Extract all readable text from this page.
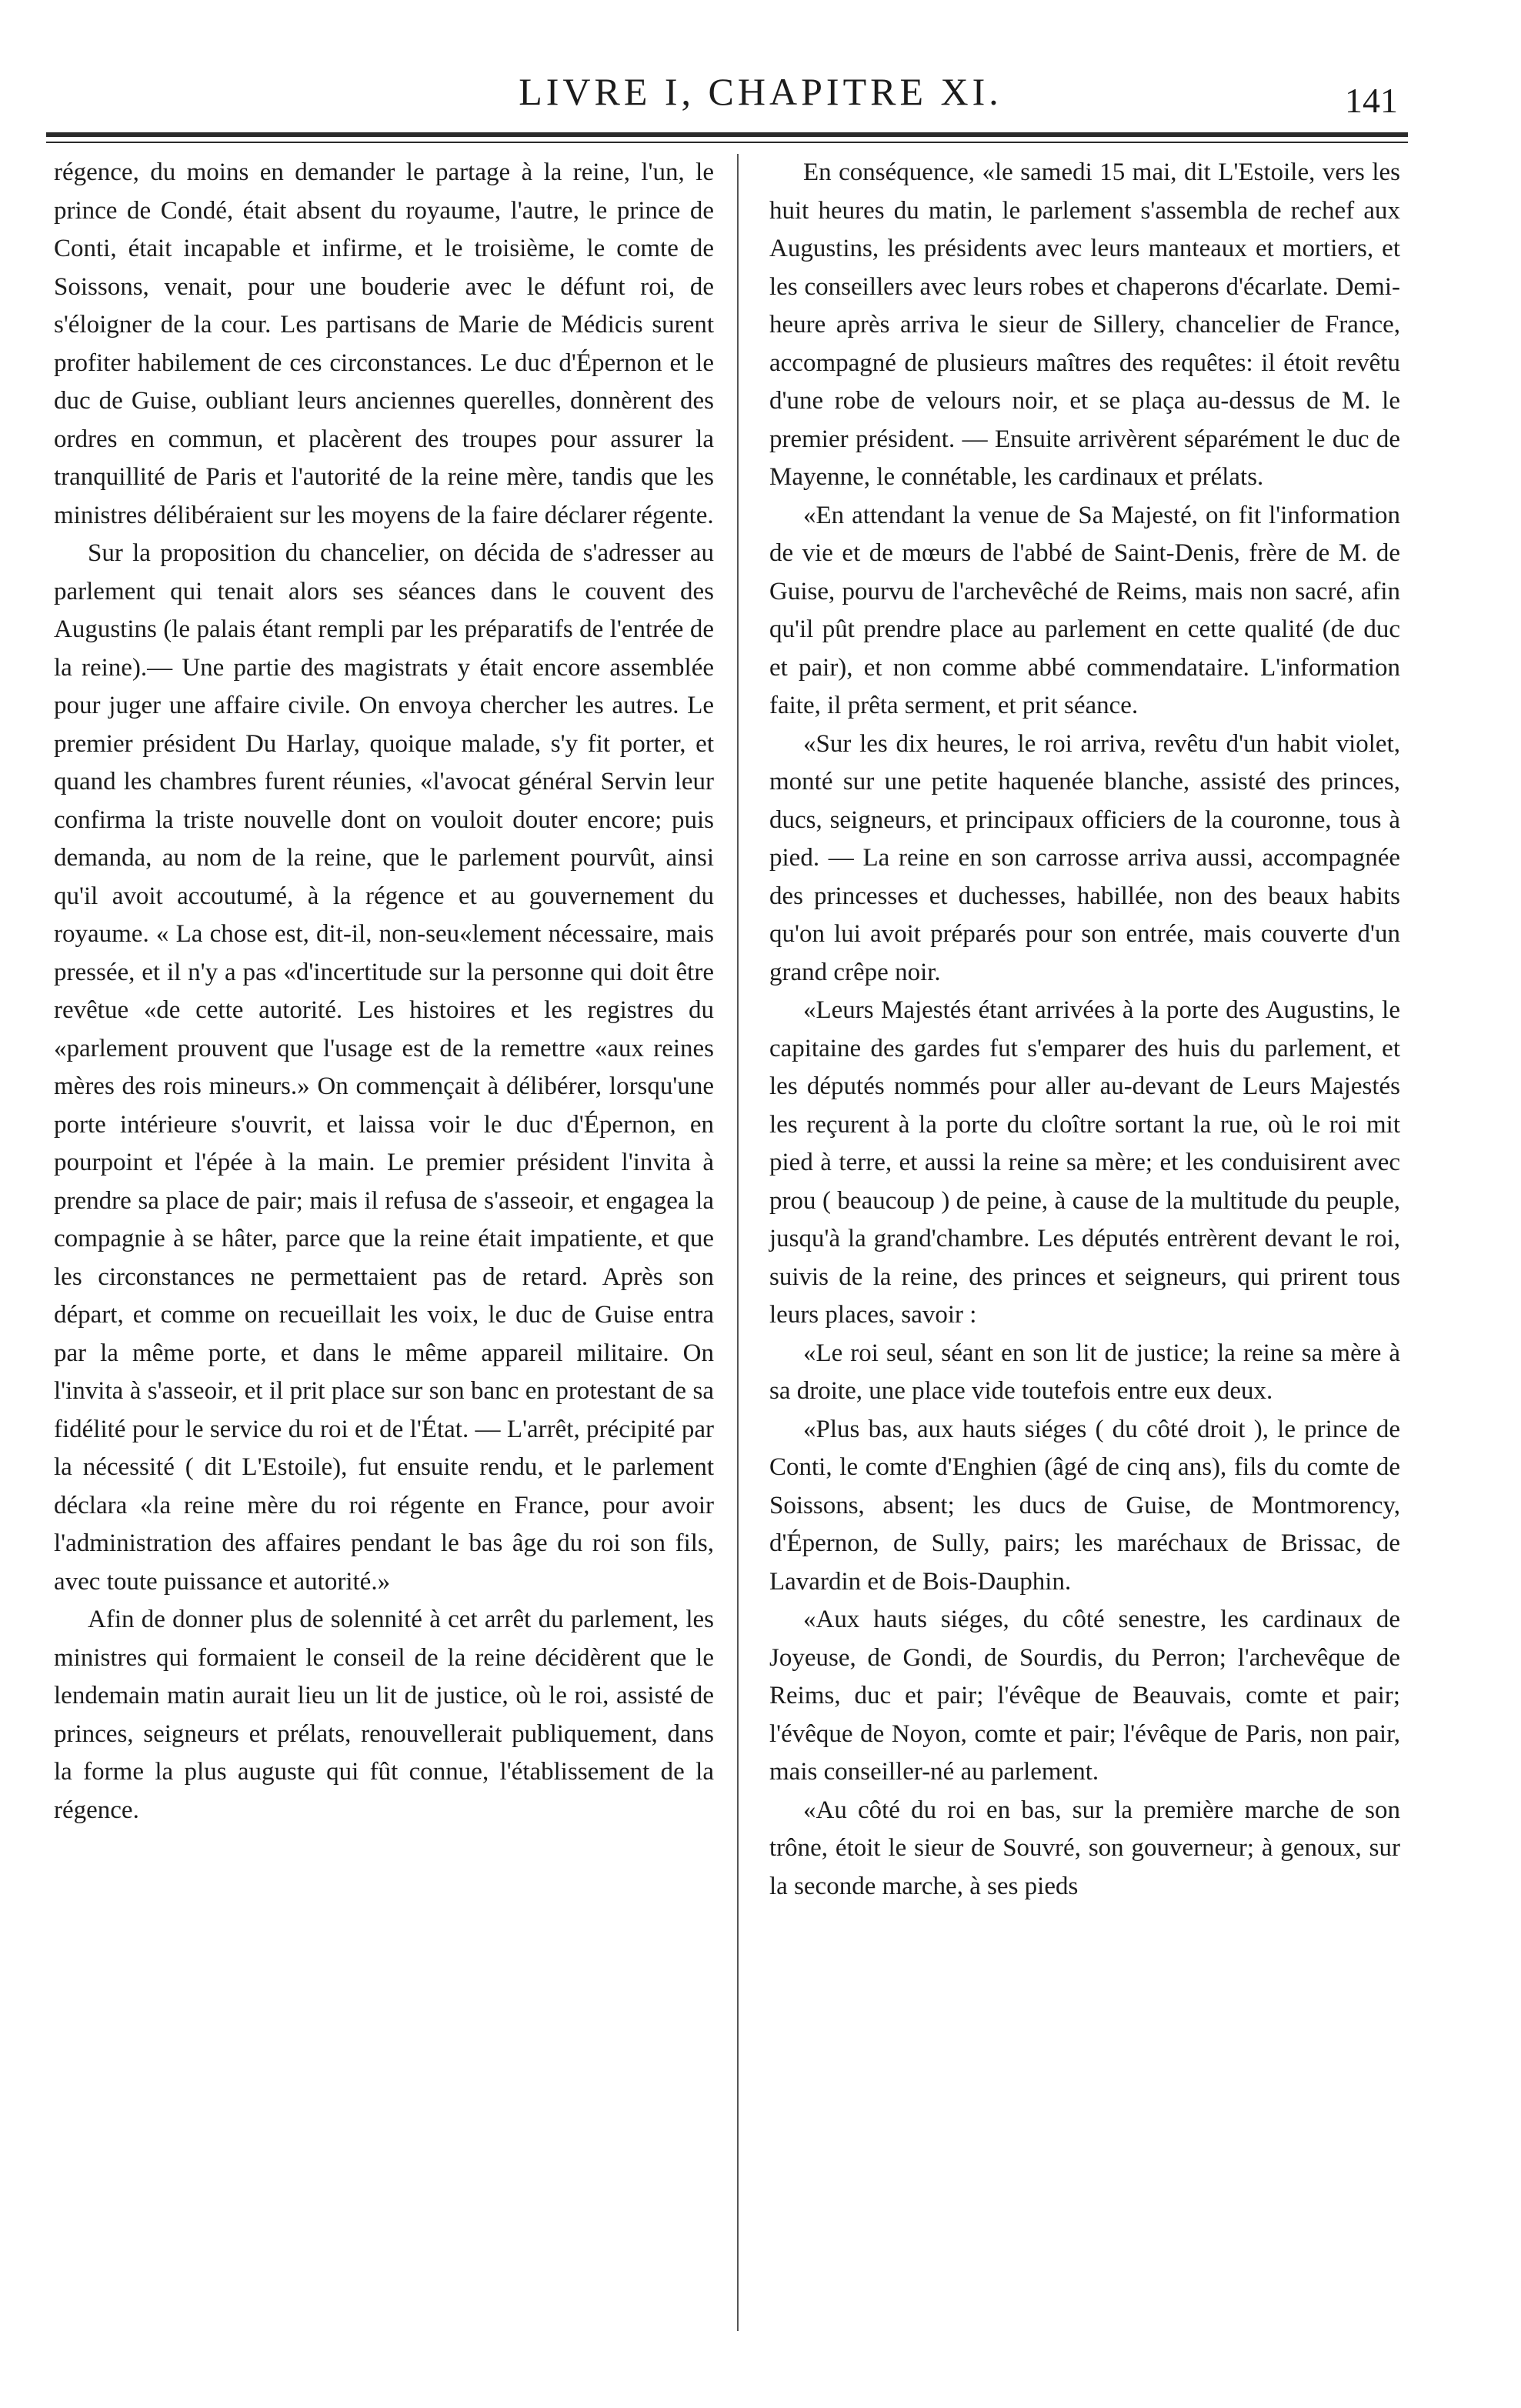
LIVRE I, CHAPITRE XI.	141

régence, du moins en demander le partage à la reine, l'un, le prince de Condé, était absent du royaume, l'autre, le prince de Conti, était incapable et infirme, et le troisième, le comte de Soissons, venait, pour une bouderie avec le défunt roi, de s'éloigner de la cour. Les partisans de Marie de Médicis surent profiter habilement de ces circonstances. Le duc d'Épernon et le duc de Guise, oubliant leurs anciennes querelles, donnèrent des ordres en commun, et placèrent des troupes pour assurer la tranquillité de Paris et l'autorité de la reine mère, tandis que les ministres délibéraient sur les moyens de la faire déclarer régente.

Sur la proposition du chancelier, on décida de s'adresser au parlement qui tenait alors ses séances dans le couvent des Augustins (le palais étant rempli par les préparatifs de l'entrée de la reine).— Une partie des magistrats y était encore assemblée pour juger une affaire civile. On envoya chercher les autres. Le premier président Du Harlay, quoique malade, s'y fit porter, et quand les chambres furent réunies, «l'avocat général Servin leur confirma la triste nouvelle dont on vouloit douter encore; puis demanda, au nom de la reine, que le parlement pourvût, ainsi qu'il avoit accoutumé, à la régence et au gouvernement du royaume. « La chose est, dit-il, non-seu«lement nécessaire, mais pressée, et il n'y a pas «d'incertitude sur la personne qui doit être revêtue «de cette autorité. Les histoires et les registres du «parlement prouvent que l'usage est de la remettre «aux reines mères des rois mineurs.» On commençait à délibérer, lorsqu'une porte intérieure s'ouvrit, et laissa voir le duc d'Épernon, en pourpoint et l'épée à la main. Le premier président l'invita à prendre sa place de pair; mais il refusa de s'asseoir, et engagea la compagnie à se hâter, parce que la reine était impatiente, et que les circonstances ne permettaient pas de retard. Après son départ, et comme on recueillait les voix, le duc de Guise entra par la même porte, et dans le même appareil militaire. On l'invita à s'asseoir, et il prit place sur son banc en protestant de sa fidélité pour le service du roi et de l'État. — L'arrêt, précipité par la nécessité ( dit L'Estoile), fut ensuite rendu, et le parlement déclara «la reine mère du roi régente en France, pour avoir l'administration des affaires pendant le bas âge du roi son fils, avec toute puissance et autorité.»

Afin de donner plus de solennité à cet arrêt du parlement, les ministres qui formaient le conseil de la reine décidèrent que le lendemain matin aurait lieu un lit de justice, où le roi, assisté de princes, seigneurs et prélats, renouvellerait publiquement, dans la forme la plus auguste qui fût connue, l'établissement de la régence.

En conséquence, «le samedi 15 mai, dit L'Estoile, vers les huit heures du matin, le parlement s'assembla de rechef aux Augustins, les présidents avec leurs manteaux et mortiers, et les conseillers avec leurs robes et chaperons d'écarlate. Demi-heure après arriva le sieur de Sillery, chancelier de France, accompagné de plusieurs maîtres des requêtes: il étoit revêtu d'une robe de velours noir, et se plaça au-dessus de M. le premier président. — Ensuite arrivèrent séparément le duc de Mayenne, le connétable, les cardinaux et prélats.

«En attendant la venue de Sa Majesté, on fit l'information de vie et de mœurs de l'abbé de Saint-Denis, frère de M. de Guise, pourvu de l'archevêché de Reims, mais non sacré, afin qu'il pût prendre place au parlement en cette qualité (de duc et pair), et non comme abbé commendataire. L'information faite, il prêta serment, et prit séance.

«Sur les dix heures, le roi arriva, revêtu d'un habit violet, monté sur une petite haquenée blanche, assisté des princes, ducs, seigneurs, et principaux officiers de la couronne, tous à pied. — La reine en son carrosse arriva aussi, accompagnée des princesses et duchesses, habillée, non des beaux habits qu'on lui avoit préparés pour son entrée, mais couverte d'un grand crêpe noir.

«Leurs Majestés étant arrivées à la porte des Augustins, le capitaine des gardes fut s'emparer des huis du parlement, et les députés nommés pour aller au-devant de Leurs Majestés les reçurent à la porte du cloître sortant la rue, où le roi mit pied à terre, et aussi la reine sa mère; et les conduisirent avec prou ( beaucoup ) de peine, à cause de la multitude du peuple, jusqu'à la grand'chambre. Les députés entrèrent devant le roi, suivis de la reine, des princes et seigneurs, qui prirent tous leurs places, savoir :

«Le roi seul, séant en son lit de justice; la reine sa mère à sa droite, une place vide toutefois entre eux deux.

«Plus bas, aux hauts siéges ( du côté droit ), le prince de Conti, le comte d'Enghien (âgé de cinq ans), fils du comte de Soissons, absent; les ducs de Guise, de Montmorency, d'Épernon, de Sully, pairs; les maréchaux de Brissac, de Lavardin et de Bois-Dauphin.

«Aux hauts siéges, du côté senestre, les cardinaux de Joyeuse, de Gondi, de Sourdis, du Perron; l'archevêque de Reims, duc et pair; l'évêque de Beauvais, comte et pair; l'évêque de Noyon, comte et pair; l'évêque de Paris, non pair, mais conseiller-né au parlement.

«Au côté du roi en bas, sur la première marche de son trône, étoit le sieur de Souvré, son gouverneur; à genoux, sur la seconde marche, à ses pieds
